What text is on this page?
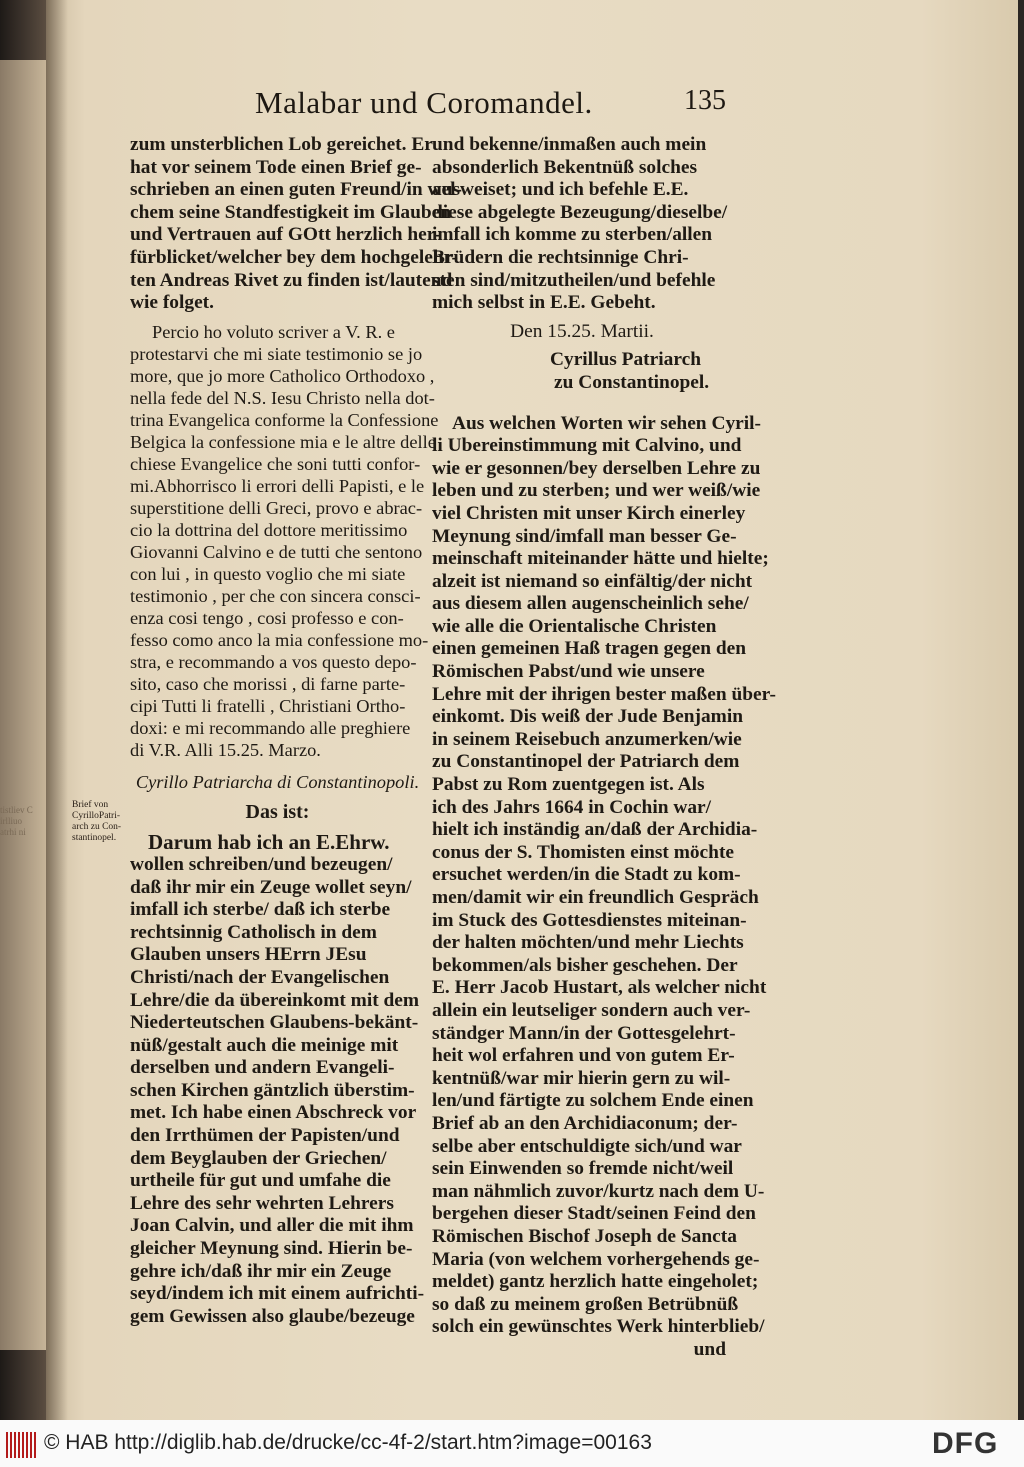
tistliev C
irlliuo
atrhi ni
Malabar und Coromandel.	135
Brief von
CyrilloPatri-
arch zu Con-
stantinopel.
zum unsterblichen Lob gereichet. Er
hat vor seinem Tode einen Brief ge-
schrieben an einen guten Freund/in wel-
chem seine Standfestigkeit im Glauben
und Vertrauen auf GOtt herzlich her-
fürblicket/welcher bey dem hochgelehr-
ten Andreas Rivet zu finden ist/lautend
wie folget.
Percio ho voluto scriver a V. R. e
protestarvi che mi siate testimonio se jo
more, que jo more Catholico Orthodoxo ,
nella fede del N.S. Iesu Christo nella dot-
trina Evangelica conforme la Confessione
Belgica la confessione mia e le altre delle
chiese Evangelice che soni tutti confor-
mi.Abhorrisco li errori delli Papisti, e le
superstitione delli Greci, provo e abrac-
cio la dottrina del dottore meritissimo
Giovanni Calvino e de tutti che sentono
con lui , in questo voglio che mi siate
testimonio , per che con sincera consci-
enza cosi tengo , cosi professo e con-
fesso como anco la mia confessione mo-
stra, e recommando a vos questo depo-
sito, caso che morissi , di farne parte-
cipi Tutti li fratelli , Christiani Ortho-
doxi: e mi recommando alle preghiere
di V.R. Alli 15.25. Marzo.
Cyrillo Patriarcha di Constantinopoli.
Das ist:
Darum hab ich an E.Ehrw.
wollen schreiben/und bezeugen/
daß ihr mir ein Zeuge wollet seyn/
imfall ich sterbe/ daß ich sterbe
rechtsinnig Catholisch in dem
Glauben unsers HErrn JEsu
Christi/nach der Evangelischen
Lehre/die da übereinkomt mit dem
Niederteutschen Glaubens-bekänt-
nüß/gestalt auch die meinige mit
derselben und andern Evangeli-
schen Kirchen gäntzlich überstim-
met. Ich habe einen Abschreck vor
den Irrthümen der Papisten/und
dem Beyglauben der Griechen/
urtheile für gut und umfahe die
Lehre des sehr wehrten Lehrers
Joan Calvin, und aller die mit ihm
gleicher Meynung sind. Hierin be-
gehre ich/daß ihr mir ein Zeuge
seyd/indem ich mit einem aufrichti-
gem Gewissen also glaube/bezeuge
und bekenne/inmaßen auch mein
absonderlich Bekentnüß solches
ausweiset; und ich befehle E.E.
diese abgelegte Bezeugung/dieselbe/
imfall ich komme zu sterben/allen
Brüdern die rechtsinnige Chri-
sten sind/mitzutheilen/und befehle
mich selbst in E.E. Gebeht.
Den 15.25. Martii.
Cyrillus Patriarch
zu Constantinopel.
Aus welchen Worten wir sehen Cyril-
li Ubereinstimmung mit Calvino, und
wie er gesonnen/bey derselben Lehre zu
leben und zu sterben; und wer weiß/wie
viel Christen mit unser Kirch einerley
Meynung sind/imfall man besser Ge-
meinschaft miteinander hätte und hielte;
alzeit ist niemand so einfältig/der nicht
aus diesem allen augenscheinlich sehe/
wie alle die Orientalische Christen
einen gemeinen Haß tragen gegen den
Römischen Pabst/und wie unsere
Lehre mit der ihrigen bester maßen über-
einkomt. Dis weiß der Jude Benjamin
in seinem Reisebuch anzumerken/wie
zu Constantinopel der Patriarch dem
Pabst zu Rom zuentgegen ist. Als
ich des Jahrs 1664 in Cochin war/
hielt ich inständig an/daß der Archidia-
conus der S. Thomisten einst möchte
ersuchet werden/in die Stadt zu kom-
men/damit wir ein freundlich Gespräch
im Stuck des Gottesdienstes miteinan-
der halten möchten/und mehr Liechts
bekommen/als bisher geschehen. Der
E. Herr Jacob Hustart, als welcher nicht
allein ein leutseliger sondern auch ver-
ständger Mann/in der Gottesgelehrt-
heit wol erfahren und von gutem Er-
kentnüß/war mir hierin gern zu wil-
len/und färtigte zu solchem Ende einen
Brief ab an den Archidiaconum; der-
selbe aber entschuldigte sich/und war
sein Einwenden so fremde nicht/weil
man nähmlich zuvor/kurtz nach dem U-
bergehen dieser Stadt/seinen Feind den
Römischen Bischof Joseph de Sancta
Maria (von welchem vorhergehends ge-
meldet) gantz herzlich hatte eingeholet;
so daß zu meinem großen Betrübnüß
solch ein gewünschtes Werk hinterblieb/
und
© HAB http://diglib.hab.de/drucke/cc-4f-2/start.htm?image=00163	DFG
